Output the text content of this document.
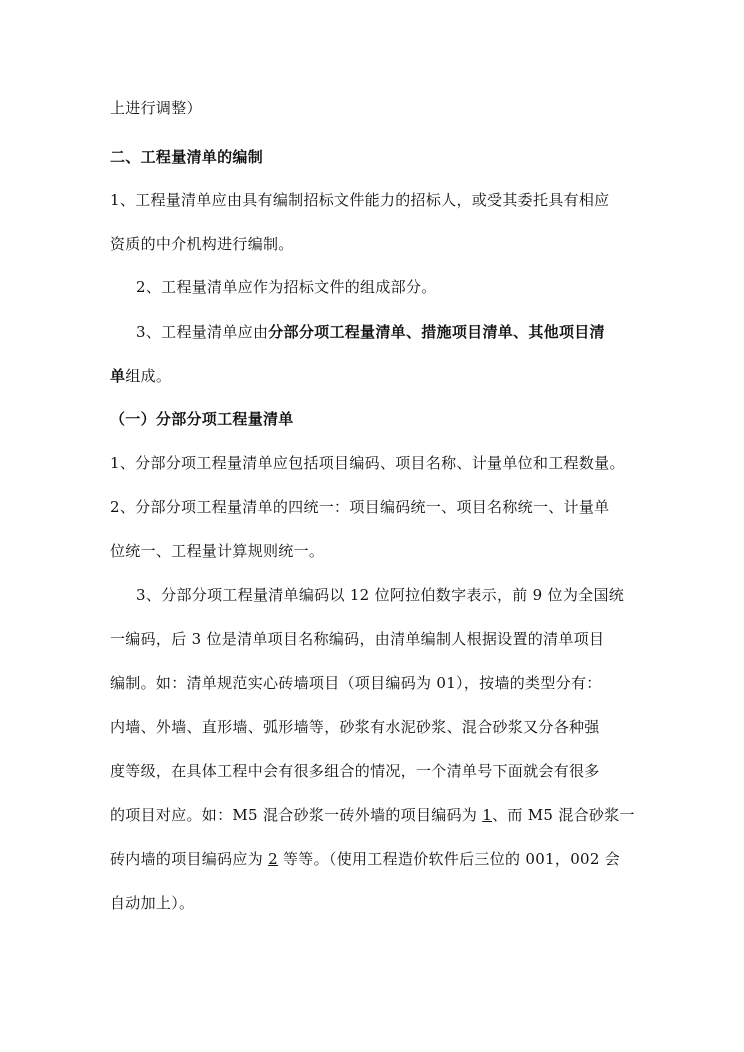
上进行调整）
二、工程量清单的编制
1、工程量清单应由具有编制招标文件能力的招标人，或受其委托具有相应
资质的中介机构进行编制。
2、工程量清单应作为招标文件的组成部分。
3、工程量清单应由分部分项工程量清单、措施项目清单、其他项目清
单组成。
（一）分部分项工程量清单
1、分部分项工程量清单应包括项目编码、项目名称、计量单位和工程数量。
2、分部分项工程量清单的四统一：项目编码统一、项目名称统一、计量单
位统一、工程量计算规则统一。
3、分部分项工程量清单编码以 12 位阿拉伯数字表示，前 9 位为全国统
一编码，后 3 位是清单项目名称编码，由清单编制人根据设置的清单项目
编制。如：清单规范实心砖墙项目（项目编码为 01），按墙的类型分有：
内墙、外墙、直形墙、弧形墙等，砂浆有水泥砂浆、混合砂浆又分各种强
度等级，在具体工程中会有很多组合的情况，一个清单号下面就会有很多
的项目对应。如：M5 混合砂浆一砖外墙的项目编码为 1、而 M5 混合砂浆一
砖内墙的项目编码应为 2 等等。（使用工程造价软件后三位的 001，002 会
自动加上）。
